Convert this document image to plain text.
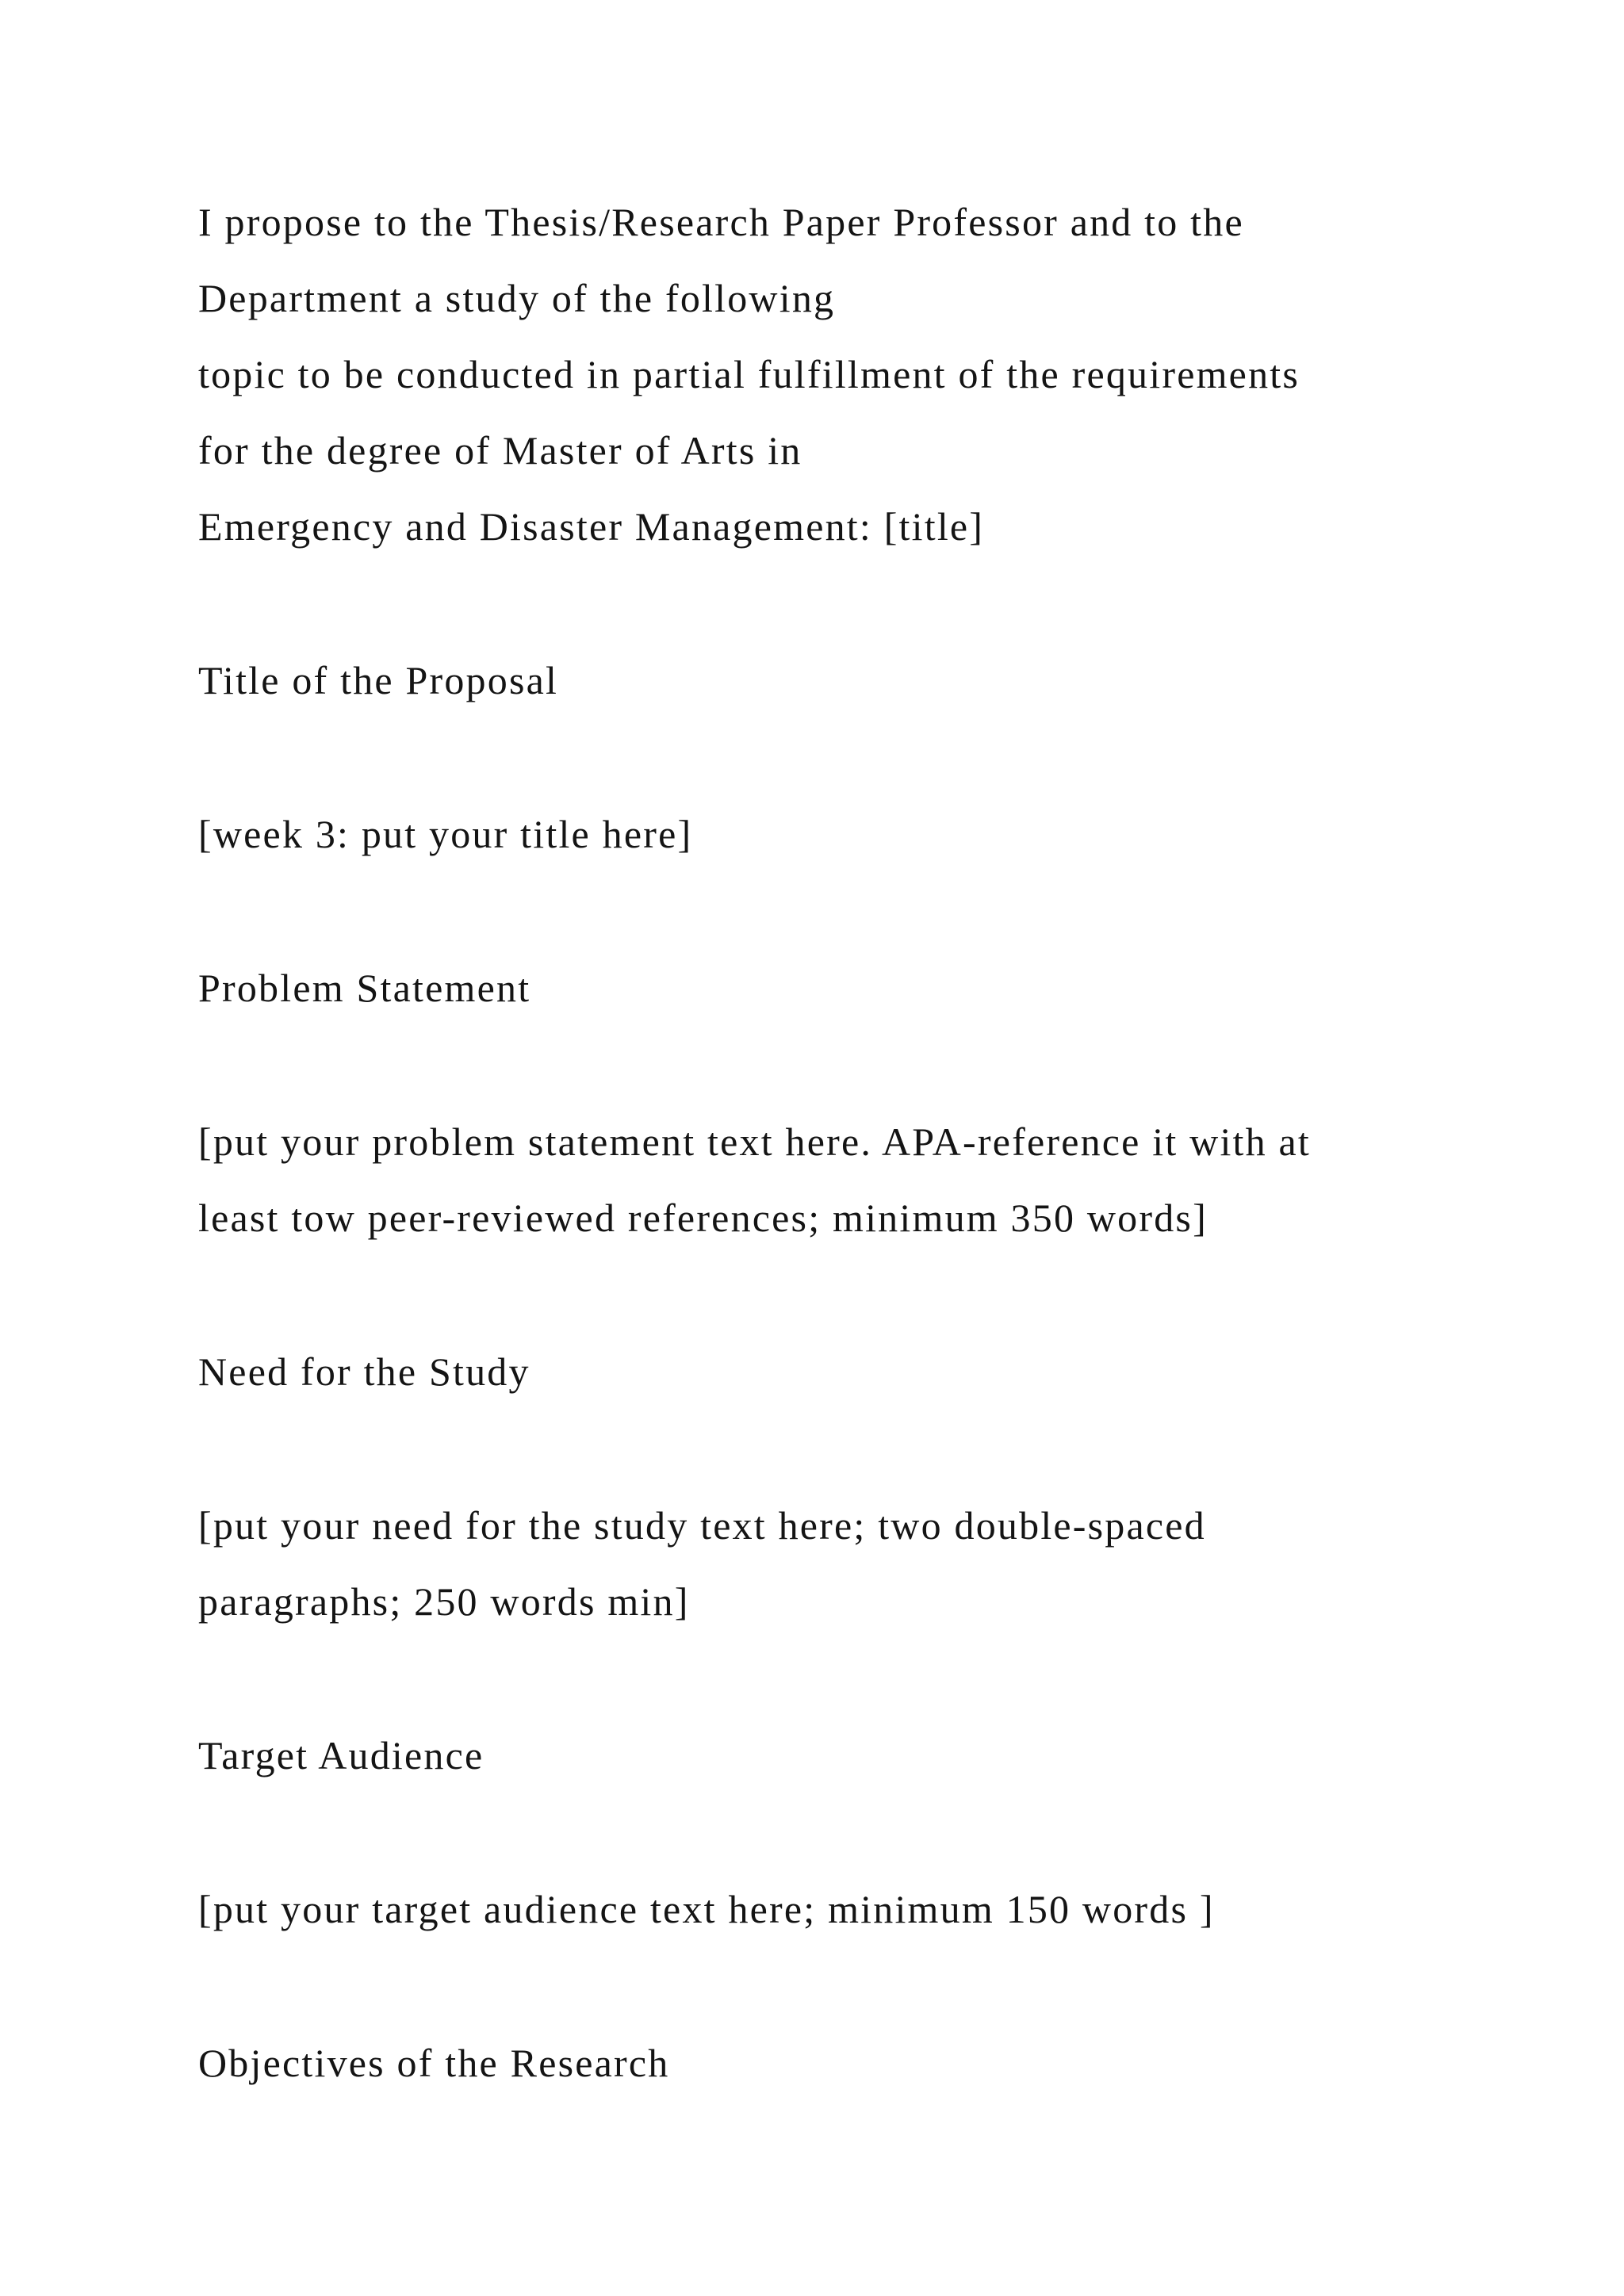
I propose to the Thesis/Research Paper Professor and to the

Department a study of the following

topic to be conducted in partial fulfillment of the requirements

for the degree of Master of Arts in

Emergency and Disaster Management: [title]

Title of the Proposal

[week 3: put your title here]

Problem Statement

[put your problem statement text here. APA-reference it with at

least tow peer-reviewed references; minimum 350 words]

Need for the Study

[put your need for the study text here; two double-spaced

paragraphs; 250 words min]

Target Audience

[put your target audience text here; minimum 150 words ]

Objectives of the Research
